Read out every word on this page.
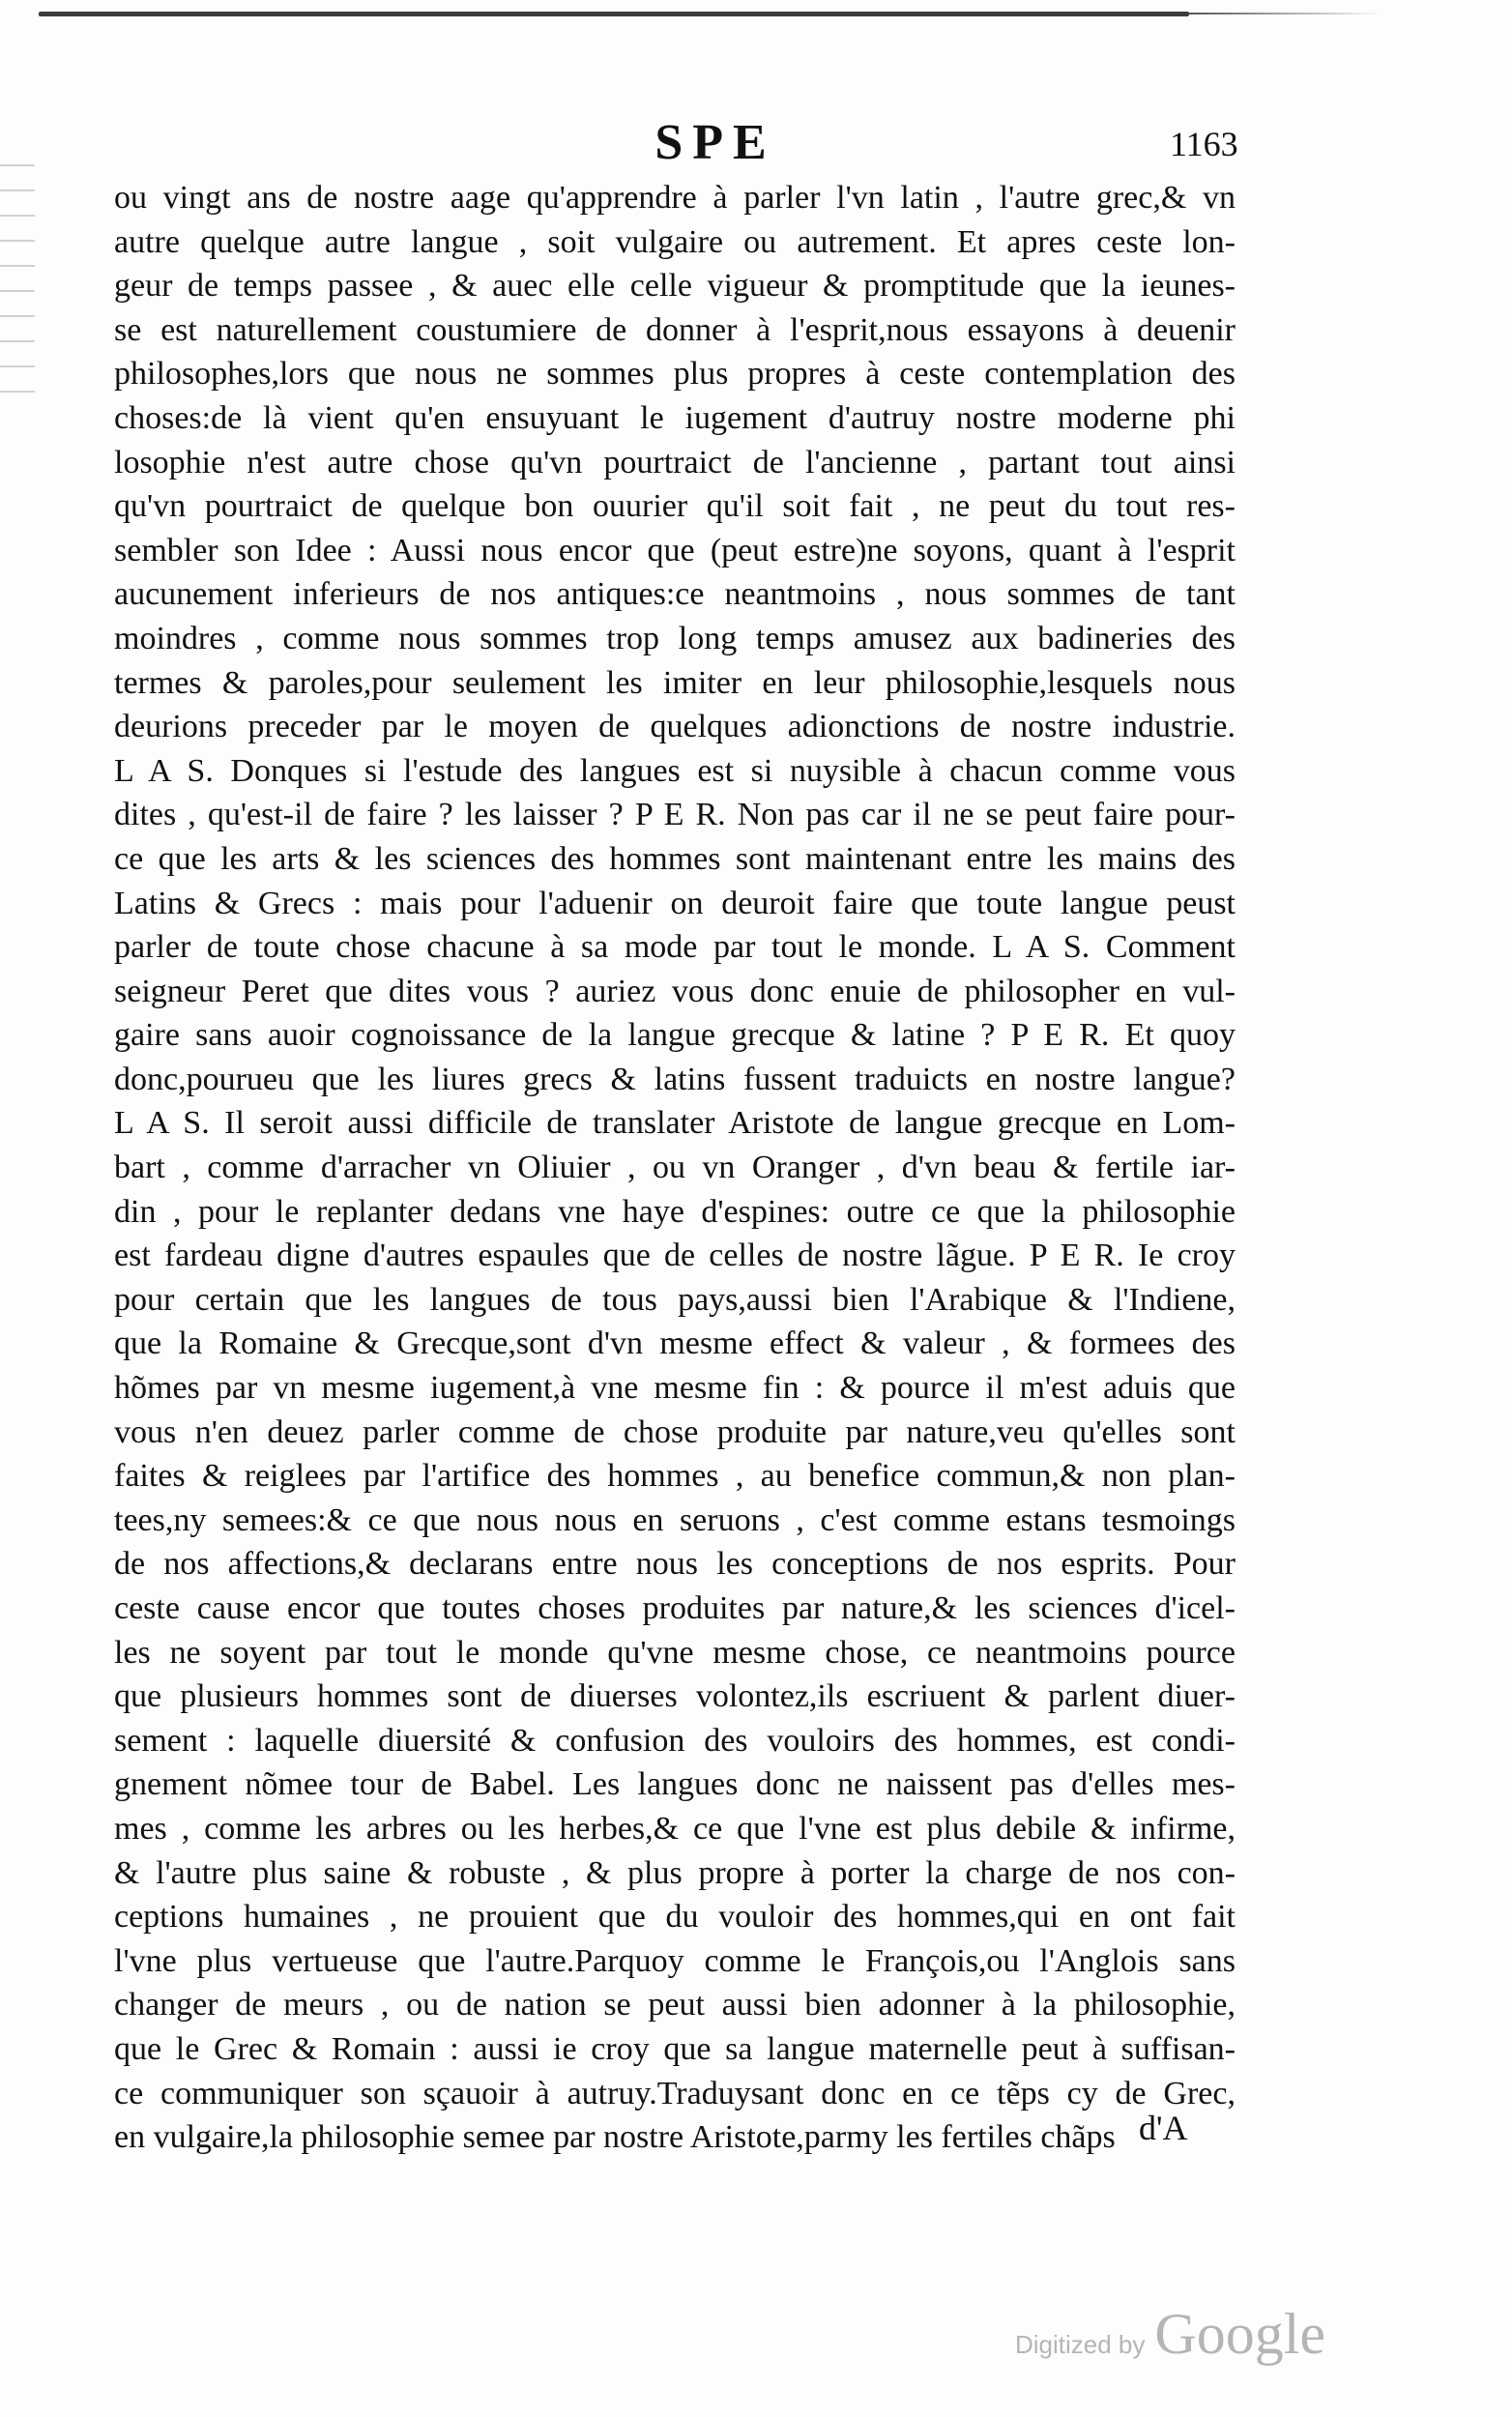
SPE	1163
ou vingt ans de nostre aage qu'apprendre à parler l'vn latin , l'autre grec,& vn
autre quelque autre langue , soit vulgaire ou autrement. Et apres ceste lon-
geur de temps passee , & auec elle celle vigueur & promptitude que la ieunes-
se est naturellement coustumiere de donner à l'esprit,nous essayons à deuenir
philosophes,lors que nous ne sommes plus propres à ceste contemplation des
choses:de là vient qu'en ensuyuant le iugement d'autruy nostre moderne phi
losophie n'est autre chose qu'vn pourtraict de l'ancienne , partant tout ainsi
qu'vn pourtraict de quelque bon ouurier qu'il soit fait , ne peut du tout res-
sembler son Idee : Aussi nous encor que (peut estre)ne soyons, quant à l'esprit
aucunement inferieurs de nos antiques:ce neantmoins , nous sommes de tant
moindres , comme nous sommes trop long temps amusez aux badineries des
termes & paroles,pour seulement les imiter en leur philosophie,lesquels nous
deurions preceder par le moyen de quelques adionctions de nostre industrie.
L A S. Donques si l'estude des langues est si nuysible à chacun comme vous
dites , qu'est-il de faire ? les laisser ? P E R. Non pas car il ne se peut faire pour-
ce que les arts & les sciences des hommes sont maintenant entre les mains des
Latins & Grecs : mais pour l'aduenir on deuroit faire que toute langue peust
parler de toute chose chacune à sa mode par tout le monde. L A S. Comment
seigneur Peret que dites vous ? auriez vous donc enuie de philosopher en vul-
gaire sans auoir cognoissance de la langue grecque & latine ? P E R. Et quoy
donc,pourueu que les liures grecs & latins fussent traduicts en nostre langue?
L A S. Il seroit aussi difficile de translater Aristote de langue grecque en Lom-
bart , comme d'arracher vn Oliuier , ou vn Oranger , d'vn beau & fertile iar-
din , pour le replanter dedans vne haye d'espines: outre ce que la philosophie
est fardeau digne d'autres espaules que de celles de nostre lãgue. P E R. Ie croy
pour certain que les langues de tous pays,aussi bien l'Arabique & l'Indiene,
que la Romaine & Grecque,sont d'vn mesme effect & valeur , & formees des
hõmes par vn mesme iugement,à vne mesme fin : & pource il m'est aduis que
vous n'en deuez parler comme de chose produite par nature,veu qu'elles sont
faites & reiglees par l'artifice des hommes , au benefice commun,& non plan-
tees,ny semees:& ce que nous nous en seruons , c'est comme estans tesmoings
de nos affections,& declarans entre nous les conceptions de nos esprits. Pour
ceste cause encor que toutes choses produites par nature,& les sciences d'icel-
les ne soyent par tout le monde qu'vne mesme chose, ce neantmoins pource
que plusieurs hommes sont de diuerses volontez,ils escriuent & parlent diuer-
sement : laquelle diuersité & confusion des vouloirs des hommes, est condi-
gnement nõmee tour de Babel. Les langues donc ne naissent pas d'elles mes-
mes , comme les arbres ou les herbes,& ce que l'vne est plus debile & infirme,
& l'autre plus saine & robuste , & plus propre à porter la charge de nos con-
ceptions humaines , ne prouient que du vouloir des hommes,qui en ont fait
l'vne plus vertueuse que l'autre.Parquoy comme le François,ou l'Anglois sans
changer de meurs , ou de nation se peut aussi bien adonner à la philosophie,
que le Grec & Romain : aussi ie croy que sa langue maternelle peut à suffisan-
ce communiquer son sçauoir à autruy.Traduysant donc en ce tẽps cy de Grec,
en vulgaire,la philosophie semee par nostre Aristote,parmy les fertiles chãps d'A
Digitized by Google
